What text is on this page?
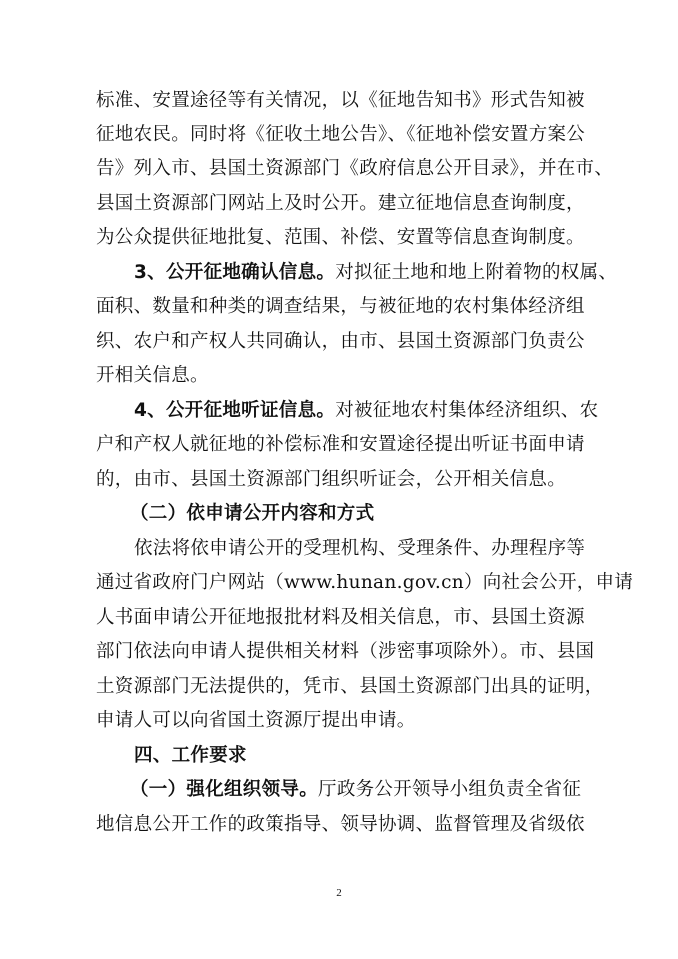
标准、安置途径等有关情况，以《征地告知书》形式告知被
征地农民。同时将《征收土地公告》、《征地补偿安置方案公
告》列入市、县国土资源部门《政府信息公开目录》，并在市、
县国土资源部门网站上及时公开。建立征地信息查询制度，
为公众提供征地批复、范围、补偿、安置等信息查询制度。
3、公开征地确认信息。对拟征土地和地上附着物的权属、
面积、数量和种类的调查结果，与被征地的农村集体经济组
织、农户和产权人共同确认，由市、县国土资源部门负责公
开相关信息。
4、公开征地听证信息。对被征地农村集体经济组织、农
户和产权人就征地的补偿标准和安置途径提出听证书面申请
的，由市、县国土资源部门组织听证会，公开相关信息。
（二）依申请公开内容和方式
依法将依申请公开的受理机构、受理条件、办理程序等
通过省政府门户网站（www.hunan.gov.cn）向社会公开，申请
人书面申请公开征地报批材料及相关信息，市、县国土资源
部门依法向申请人提供相关材料（涉密事项除外）。市、县国
土资源部门无法提供的，凭市、县国土资源部门出具的证明，
申请人可以向省国土资源厅提出申请。
四、工作要求
（一）强化组织领导。厅政务公开领导小组负责全省征
地信息公开工作的政策指导、领导协调、监督管理及省级依
2
